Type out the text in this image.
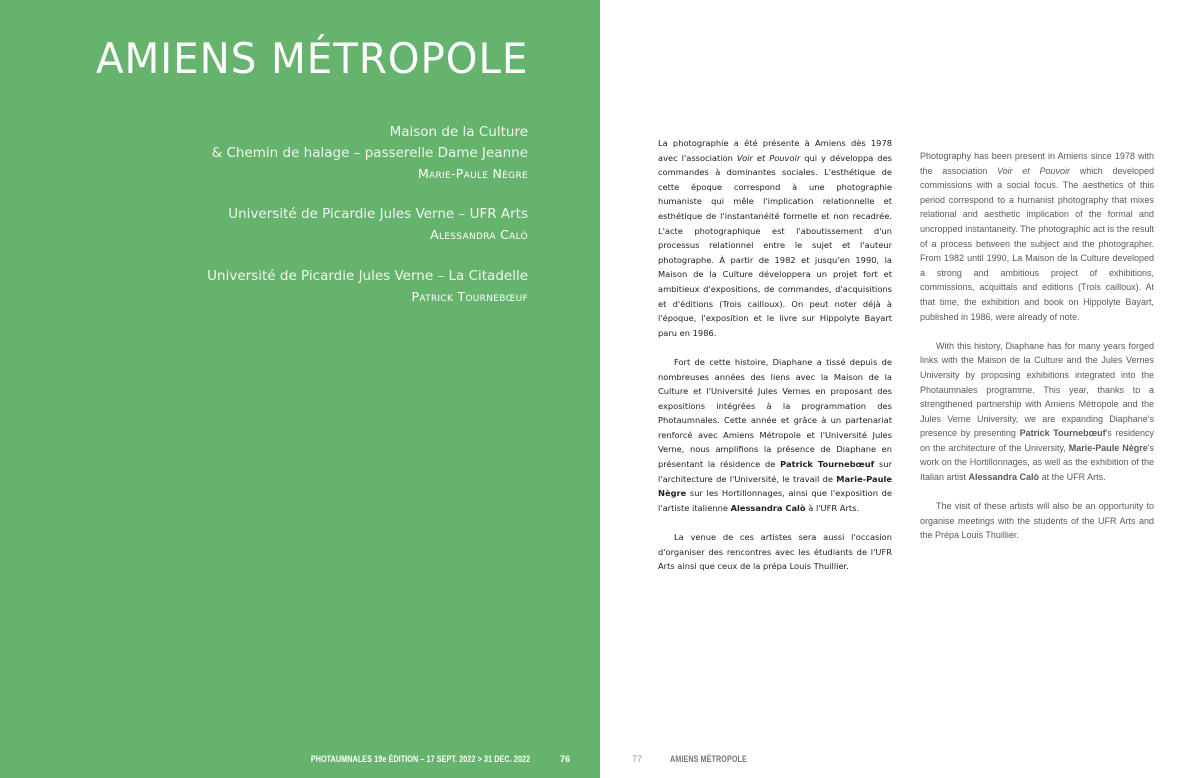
AMIENS MÉTROPOLE
Maison de la Culture
& Chemin de halage – passerelle Dame Jeanne
Marie-Paule Nègre
Université de Picardie Jules Verne – UFR Arts
Alessandra Calò
Université de Picardie Jules Verne – La Citadelle
Patrick Tournebœuf
PHOTAUMNALES 19e ÉDITION – 17 SEPT. 2022 > 31 DEC. 2022	76

La photographie a été présente à Amiens dès 1978 avec l'association Voir et Pouvoir qui y développa des commandes à dominantes sociales. L'esthétique de cette époque correspond à une photographie humaniste qui mêle l'implication relationnelle et esthétique de l'instantanéité formelle et non recadrée. L'acte photographique est l'aboutissement d'un processus relationnel entre le sujet et l'auteur photographe. À partir de 1982 et jusqu'en 1990, la Maison de la Culture développera un projet fort et ambitieux d'expositions, de commandes, d'acquisitions et d'éditions (Trois cailloux). On peut noter déjà à l'époque, l'exposition et le livre sur Hippolyte Bayart paru en 1986.

Fort de cette histoire, Diaphane a tissé depuis de nombreuses années des liens avec la Maison de la Culture et l'Université Jules Vernes en proposant des expositions intégrées à la programmation des Photaumnales. Cette année et grâce à un partenariat renforcé avec Amiens Métropole et l'Université Jules Verne, nous amplifions la présence de Diaphane en présentant la résidence de Patrick Tournebœuf sur l'architecture de l'Université, le travail de Marie-Paule Nègre sur les Hortillonnages, ainsi que l'exposition de l'artiste italienne Alessandra Calò à l'UFR Arts.

La venue de ces artistes sera aussi l'occasion d'organiser des rencontres avec les étudiants de l'UFR Arts ainsi que ceux de la prépa Louis Thuillier.

Photography has been present in Amiens since 1978 with the association Voir et Pouvoir which developed commissions with a social focus. The aesthetics of this period correspond to a humanist photography that mixes relational and aesthetic implication of the formal and uncropped instantaneity. The photographic act is the result of a process between the subject and the photographer. From 1982 until 1990, La Maison de la Culture developed a strong and ambitious project of exhibitions, commissions, acquittals and editions (Trois cailloux). At that time, the exhibition and book on Hippolyte Bayart, published in 1986, were already of note.

With this history, Diaphane has for many years forged links with the Maison de la Culture and the Jules Vernes University by proposing exhibitions integrated into the Photaumnales programme. This year, thanks to a strengthened partnership with Amiens Métropole and the Jules Verne University, we are expanding Diaphane's presence by presenting Patrick Tournebœuf's residency on the architecture of the University, Marie-Paule Nègre's work on the Hortillonnages, as well as the exhibition of the Italian artist Alessandra Calò at the UFR Arts.

The visit of these artists will also be an opportunity to organise meetings with the students of the UFR Arts and the Prépa Louis Thuillier.

77	AMIENS MÉTROPOLE
